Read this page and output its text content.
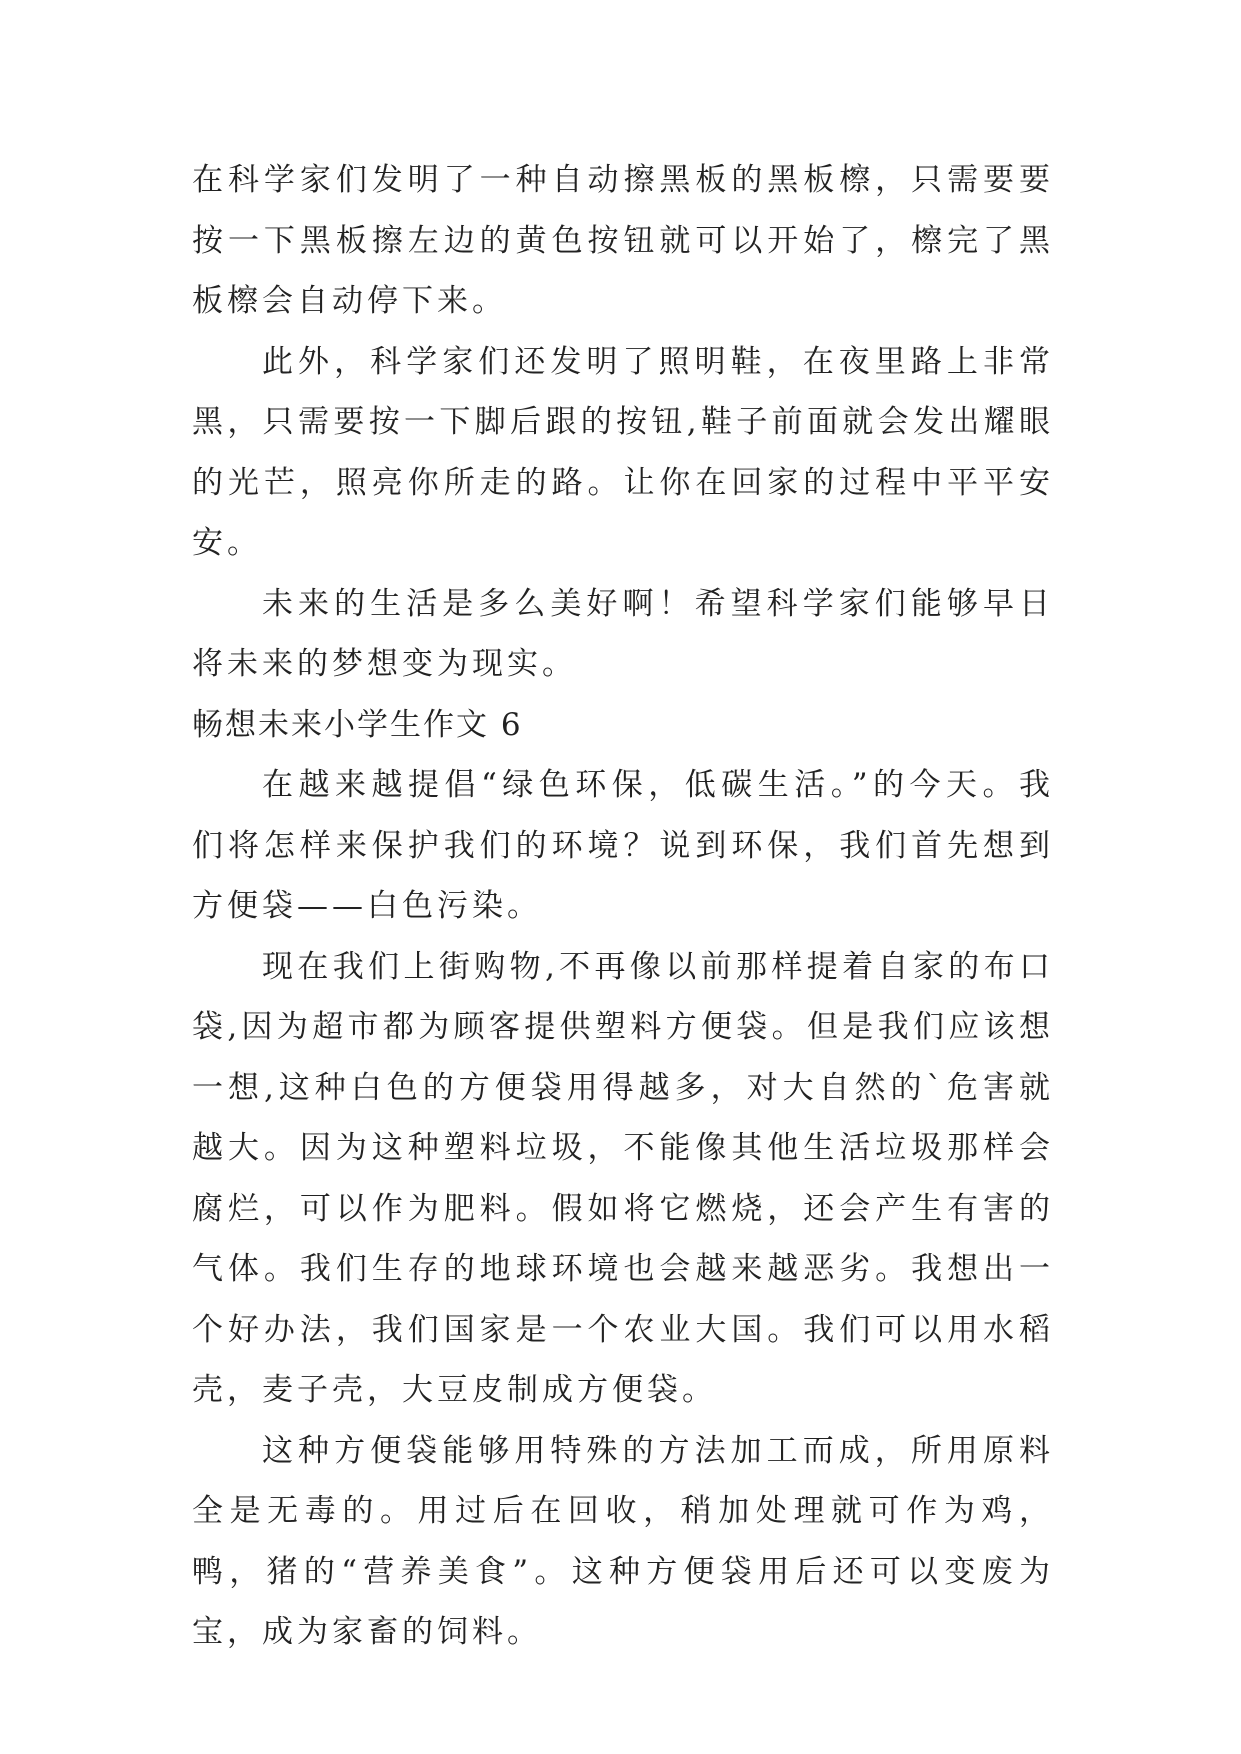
在科学家们发明了一种自动擦黑板的黑板檫，只需要要按一下黑板擦左边的黄色按钮就可以开始了，檫完了黑板檫会自动停下来。

此外，科学家们还发明了照明鞋，在夜里路上非常黑，只需要按一下脚后跟的按钮,鞋子前面就会发出耀眼的光芒，照亮你所走的路。让你在回家的过程中平平安安。

未来的生活是多么美好啊！希望科学家们能够早日将未来的梦想变为现实。

畅想未来小学生作文 6

在越来越提倡“绿色环保，低碳生活。”的今天。我们将怎样来保护我们的环境？说到环保，我们首先想到方便袋——白色污染。

现在我们上街购物,不再像以前那样提着自家的布口袋,因为超市都为顾客提供塑料方便袋。但是我们应该想一想,这种白色的方便袋用得越多，对大自然的`危害就越大。因为这种塑料垃圾，不能像其他生活垃圾那样会腐烂，可以作为肥料。假如将它燃烧，还会产生有害的气体。我们生存的地球环境也会越来越恶劣。我想出一个好办法，我们国家是一个农业大国。我们可以用水稻壳，麦子壳，大豆皮制成方便袋。

这种方便袋能够用特殊的方法加工而成，所用原料全是无毒的。用过后在回收，稍加处理就可作为鸡，鸭，猪的“营养美食”。这种方便袋用后还可以变废为宝，成为家畜的饲料。
